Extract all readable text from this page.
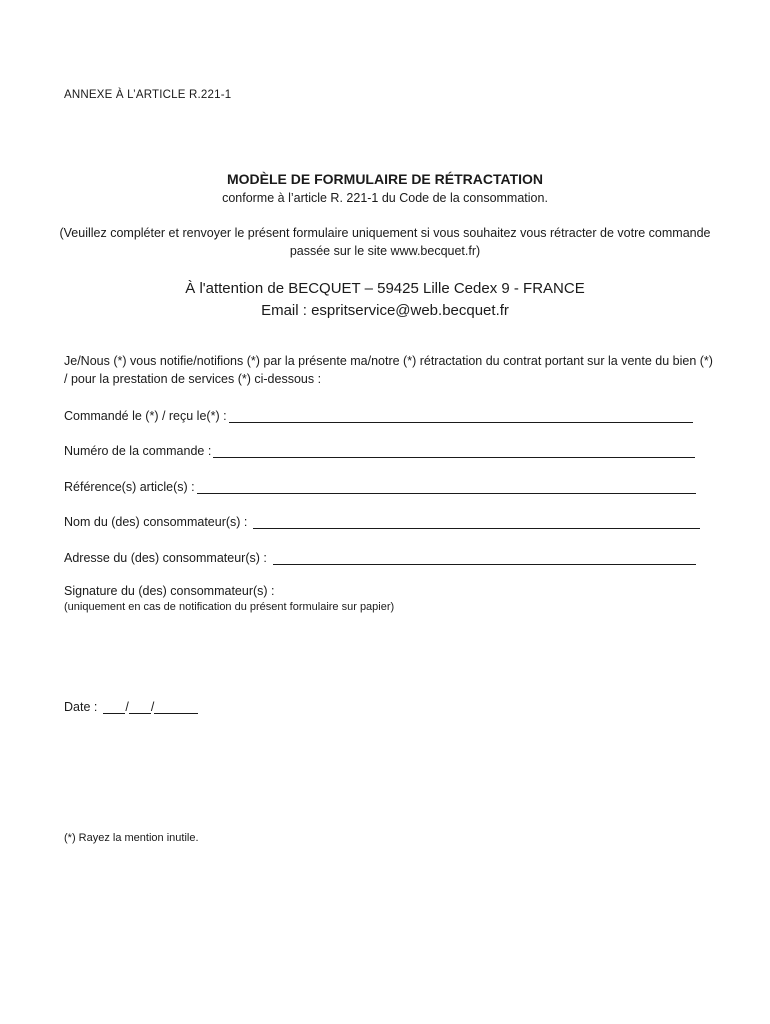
ANNEXE À L’ARTICLE R.221-1
MODÈLE DE FORMULAIRE DE RÉTRACTATION
conforme à l’article R. 221-1 du Code de la consommation.
(Veuillez compléter et renvoyer le présent formulaire uniquement si vous souhaitez vous rétracter de votre commande passée sur le site www.becquet.fr)
À l'attention de BECQUET – 59425 Lille Cedex 9 - FRANCE
Email : espritservice@web.becquet.fr
Je/Nous (*) vous notifie/notifions (*) par la présente ma/notre (*) rétractation du contrat portant sur la vente du bien (*) / pour la prestation de services (*) ci-dessous :
Commandé le (*) / reçu le(*) :
Numéro de la commande :
Référence(s) article(s) :
Nom du (des) consommateur(s) :
Adresse du (des) consommateur(s) :
Signature du (des) consommateur(s) :
(uniquement en cas de notification du présent formulaire sur papier)
Date : / /
(*) Rayez la mention inutile.
